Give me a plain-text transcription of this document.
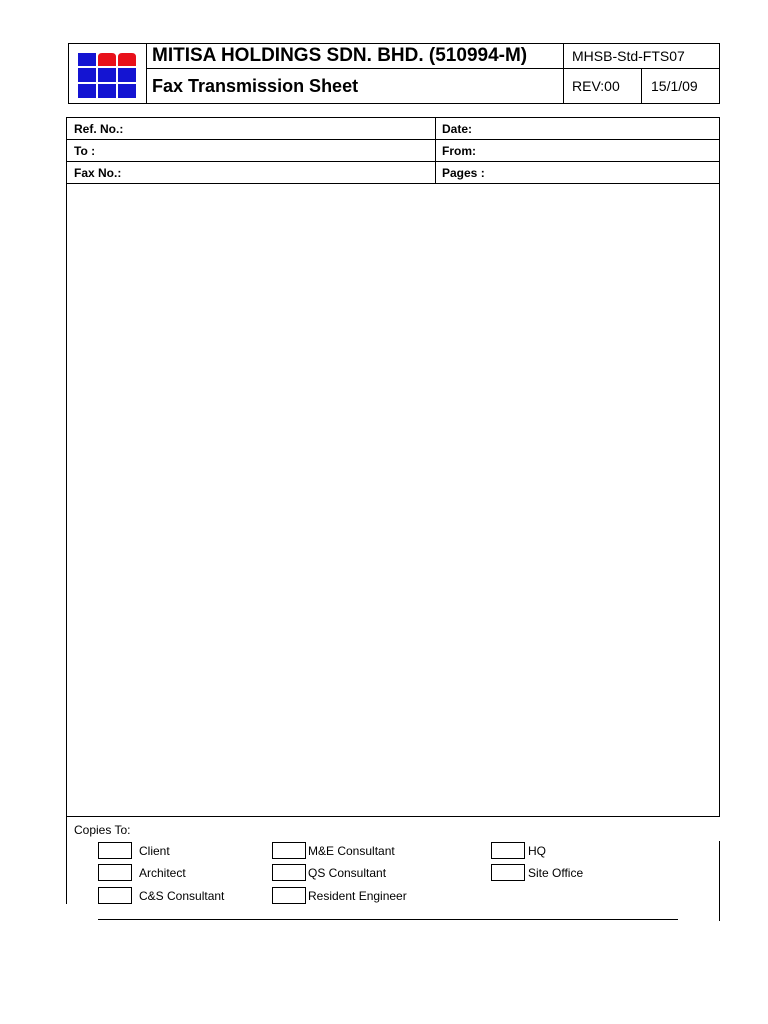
MITISA HOLDINGS SDN. BHD. (510994-M)
Fax Transmission Sheet
MHSB-Std-FTS07
REV:00 15/1/09
Ref. No.:	Date:
To :	From:
Fax No.:	Pages :
Copies To:
Client	M&E Consultant	HQ
Architect	QS Consultant	Site Office
C&S Consultant	Resident Engineer
